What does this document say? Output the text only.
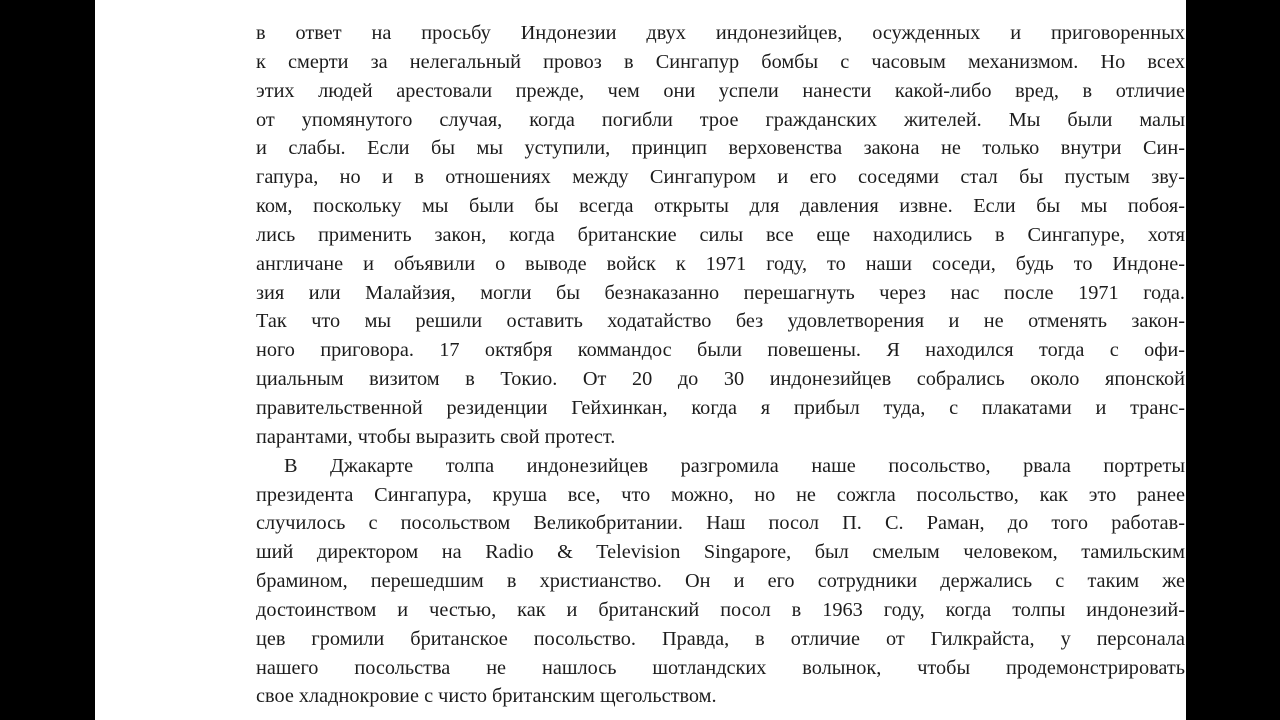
в ответ на просьбу Индонезии двух индонезийцев, осужденных и приговоренных
к смерти за нелегальный провоз в Сингапур бомбы с часовым механизмом. Но всех
этих людей арестовали прежде, чем они успели нанести какой-либо вред, в отличие
от упомянутого случая, когда погибли трое гражданских жителей. Мы были малы
и слабы. Если бы мы уступили, принцип верховенства закона не только внутри Син-
гапура, но и в отношениях между Сингапуром и его соседями стал бы пустым зву-
ком, поскольку мы были бы всегда открыты для давления извне. Если бы мы побоя-
лись применить закон, когда британские силы все еще находились в Сингапуре, хотя
англичане и объявили о выводе войск к 1971 году, то наши соседи, будь то Индоне-
зия или Малайзия, могли бы безнаказанно перешагнуть через нас после 1971 года.
Так что мы решили оставить ходатайство без удовлетворения и не отменять закон-
ного приговора. 17 октября коммандос были повешены. Я находился тогда с офи-
циальным визитом в Токио. От 20 до 30 индонезийцев собрались около японской
правительственной резиденции Гейхинкан, когда я прибыл туда, с плакатами и транс-
парантами, чтобы выразить свой протест.
В Джакарте толпа индонезийцев разгромила наше посольство, рвала портреты
президента Сингапура, круша все, что можно, но не сожгла посольство, как это ранее
случилось с посольством Великобритании. Наш посол П. С. Раман, до того работав-
ший директором на Radio & Television Singapore, был смелым человеком, тамильским
брамином, перешедшим в христианство. Он и его сотрудники держались с таким же
достоинством и честью, как и британский посол в 1963 году, когда толпы индонезий-
цев громили британское посольство. Правда, в отличие от Гилкрайста, у персонала
нашего посольства не нашлось шотландских волынок, чтобы продемонстрировать
свое хладнокровие с чисто британским щегольством.
